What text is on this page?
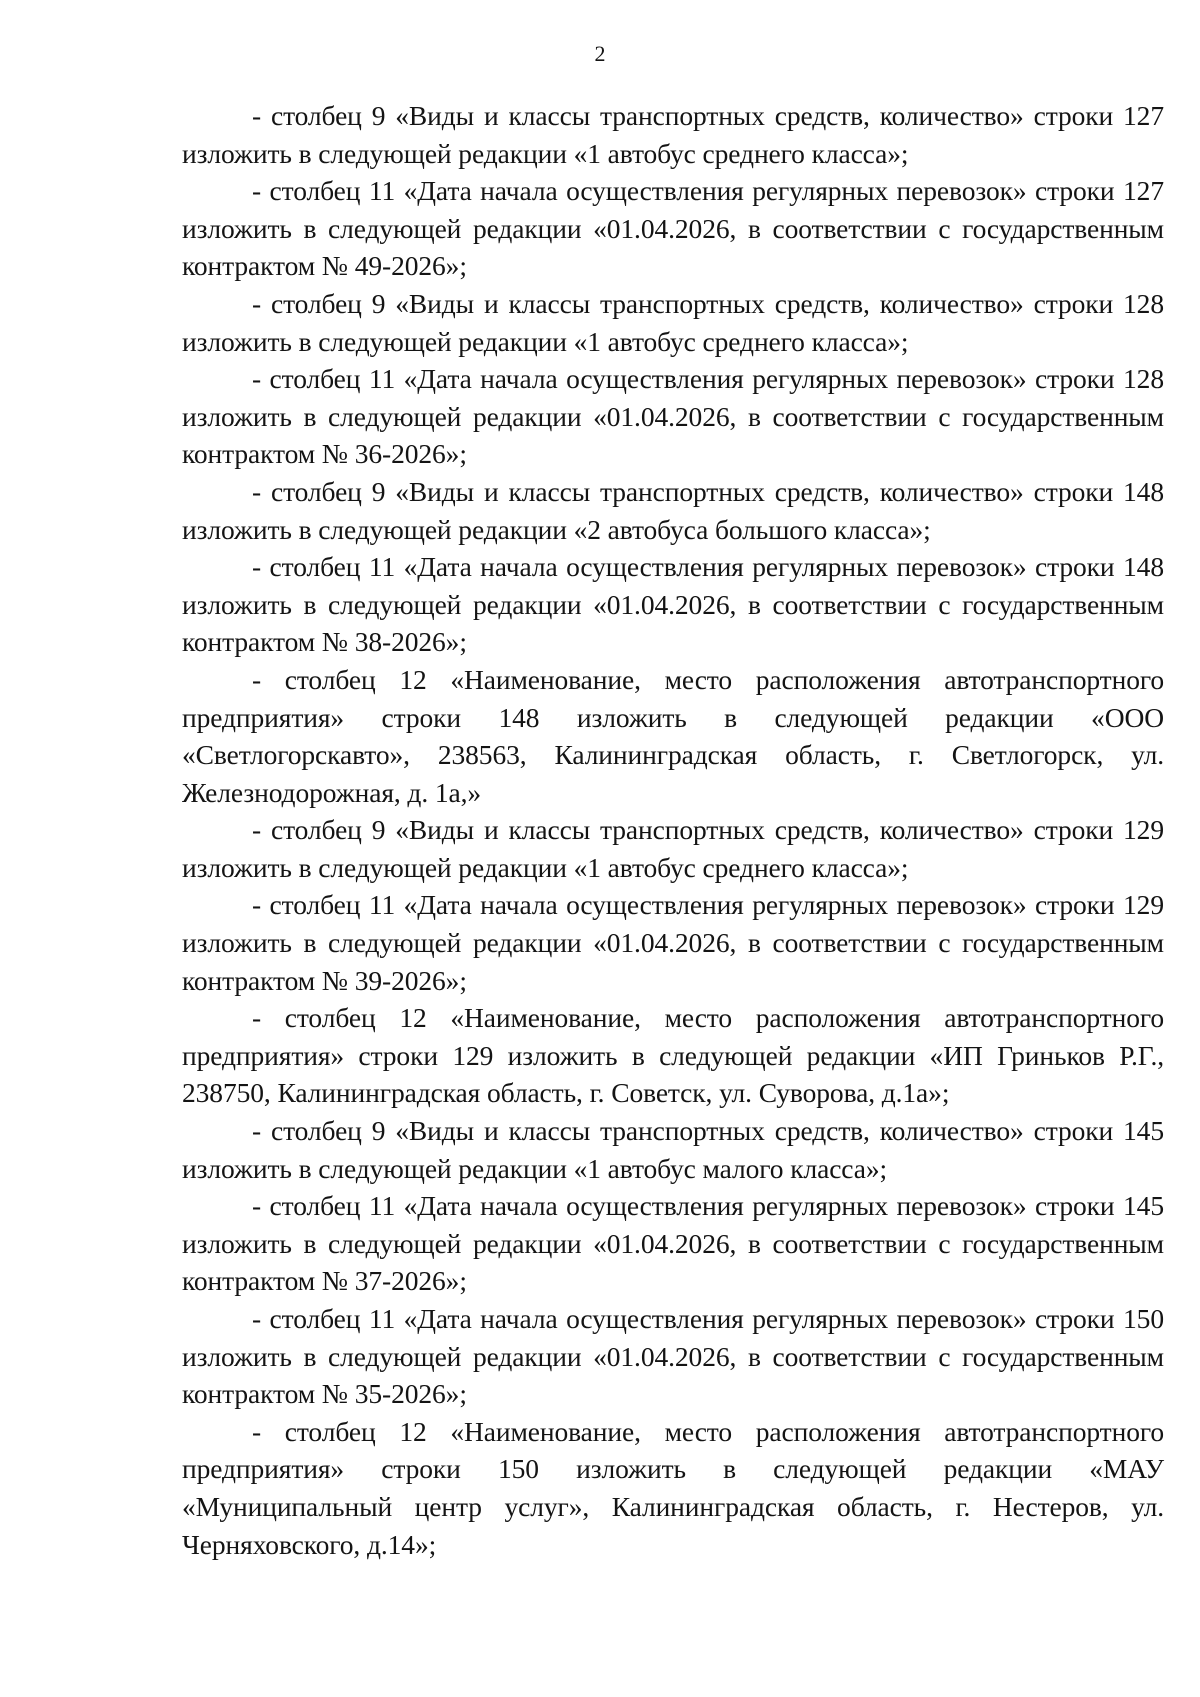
2

- столбец 9 «Виды и классы транспортных средств, количество» строки 127 изложить в следующей редакции «1 автобус среднего класса»;

- столбец 11 «Дата начала осуществления регулярных перевозок» строки 127 изложить в следующей редакции «01.04.2026, в соответствии с государственным контрактом № 49-2026»;

- столбец 9 «Виды и классы транспортных средств, количество» строки 128 изложить в следующей редакции «1 автобус среднего класса»;

- столбец 11 «Дата начала осуществления регулярных перевозок» строки 128 изложить в следующей редакции «01.04.2026, в соответствии с государственным контрактом № 36-2026»;

- столбец 9 «Виды и классы транспортных средств, количество» строки 148 изложить в следующей редакции «2 автобуса большого класса»;

- столбец 11 «Дата начала осуществления регулярных перевозок» строки 148 изложить в следующей редакции «01.04.2026, в соответствии с государственным контрактом № 38-2026»;

- столбец 12 «Наименование, место расположения автотранспортного предприятия» строки 148 изложить в следующей редакции «ООО «Светлогорскавто», 238563, Калининградская область, г. Светлогорск, ул. Железнодорожная, д. 1а,»

- столбец 9 «Виды и классы транспортных средств, количество» строки 129 изложить в следующей редакции «1 автобус среднего класса»;

- столбец 11 «Дата начала осуществления регулярных перевозок» строки 129 изложить в следующей редакции «01.04.2026, в соответствии с государственным контрактом № 39-2026»;

- столбец 12 «Наименование, место расположения автотранспортного предприятия» строки 129 изложить в следующей редакции «ИП Гриньков Р.Г., 238750, Калининградская область, г. Советск, ул. Суворова, д.1а»;

- столбец 9 «Виды и классы транспортных средств, количество» строки 145 изложить в следующей редакции «1 автобус малого класса»;

- столбец 11 «Дата начала осуществления регулярных перевозок» строки 145 изложить в следующей редакции «01.04.2026, в соответствии с государственным контрактом № 37-2026»;

- столбец 11 «Дата начала осуществления регулярных перевозок» строки 150 изложить в следующей редакции «01.04.2026, в соответствии с государственным контрактом № 35-2026»;

- столбец 12 «Наименование, место расположения автотранспортного предприятия» строки 150 изложить в следующей редакции «МАУ «Муниципальный центр услуг», Калининградская область, г. Нестеров, ул. Черняховского, д.14»;
